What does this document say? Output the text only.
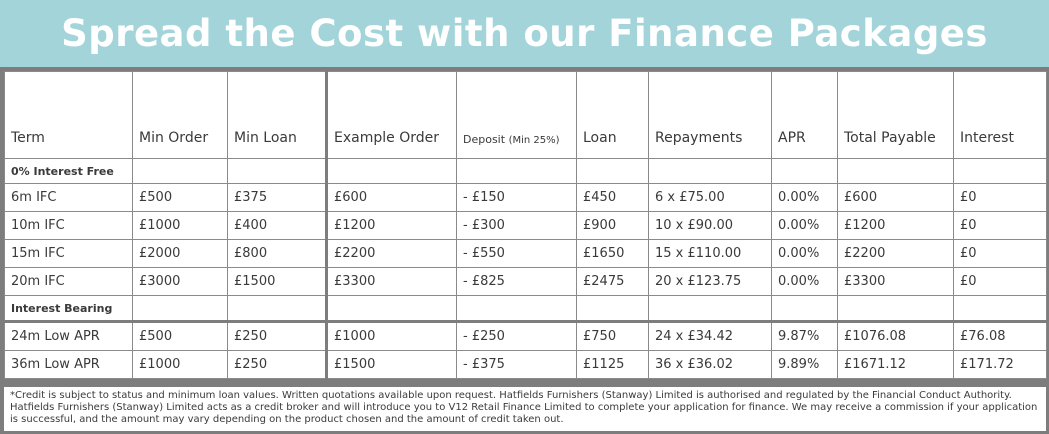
Spread the Cost with our Finance Packages
Term	Min Order	Min Loan	Example Order	Deposit (Min 25%)	Loan	Repayments	APR	Total Payable	Interest
0% Interest Free									
6m IFC	£500	£375	£600	- £150	£450	6 x £75.00	0.00%	£600	£0
10m IFC	£1000	£400	£1200	- £300	£900	10 x £90.00	0.00%	£1200	£0
15m IFC	£2000	£800	£2200	- £550	£1650	15 x £110.00	0.00%	£2200	£0
20m IFC	£3000	£1500	£3300	- £825	£2475	20 x £123.75	0.00%	£3300	£0
Interest Bearing									
24m Low APR	£500	£250	£1000	- £250	£750	24 x £34.42	9.87%	£1076.08	£76.08
36m Low APR	£1000	£250	£1500	- £375	£1125	36 x £36.02	9.89%	£1671.12	£171.72
*Credit is subject to status and minimum loan values. Written quotations available upon request. Hatfields Furnishers (Stanway) Limited is authorised and regulated by the Financial Conduct Authority. Hatfields Furnishers (Stanway) Limited acts as a credit broker and will introduce you to V12 Retail Finance Limited to complete your application for finance. We may receive a commission if your application is successful, and the amount may vary depending on the product chosen and the amount of credit taken out.
